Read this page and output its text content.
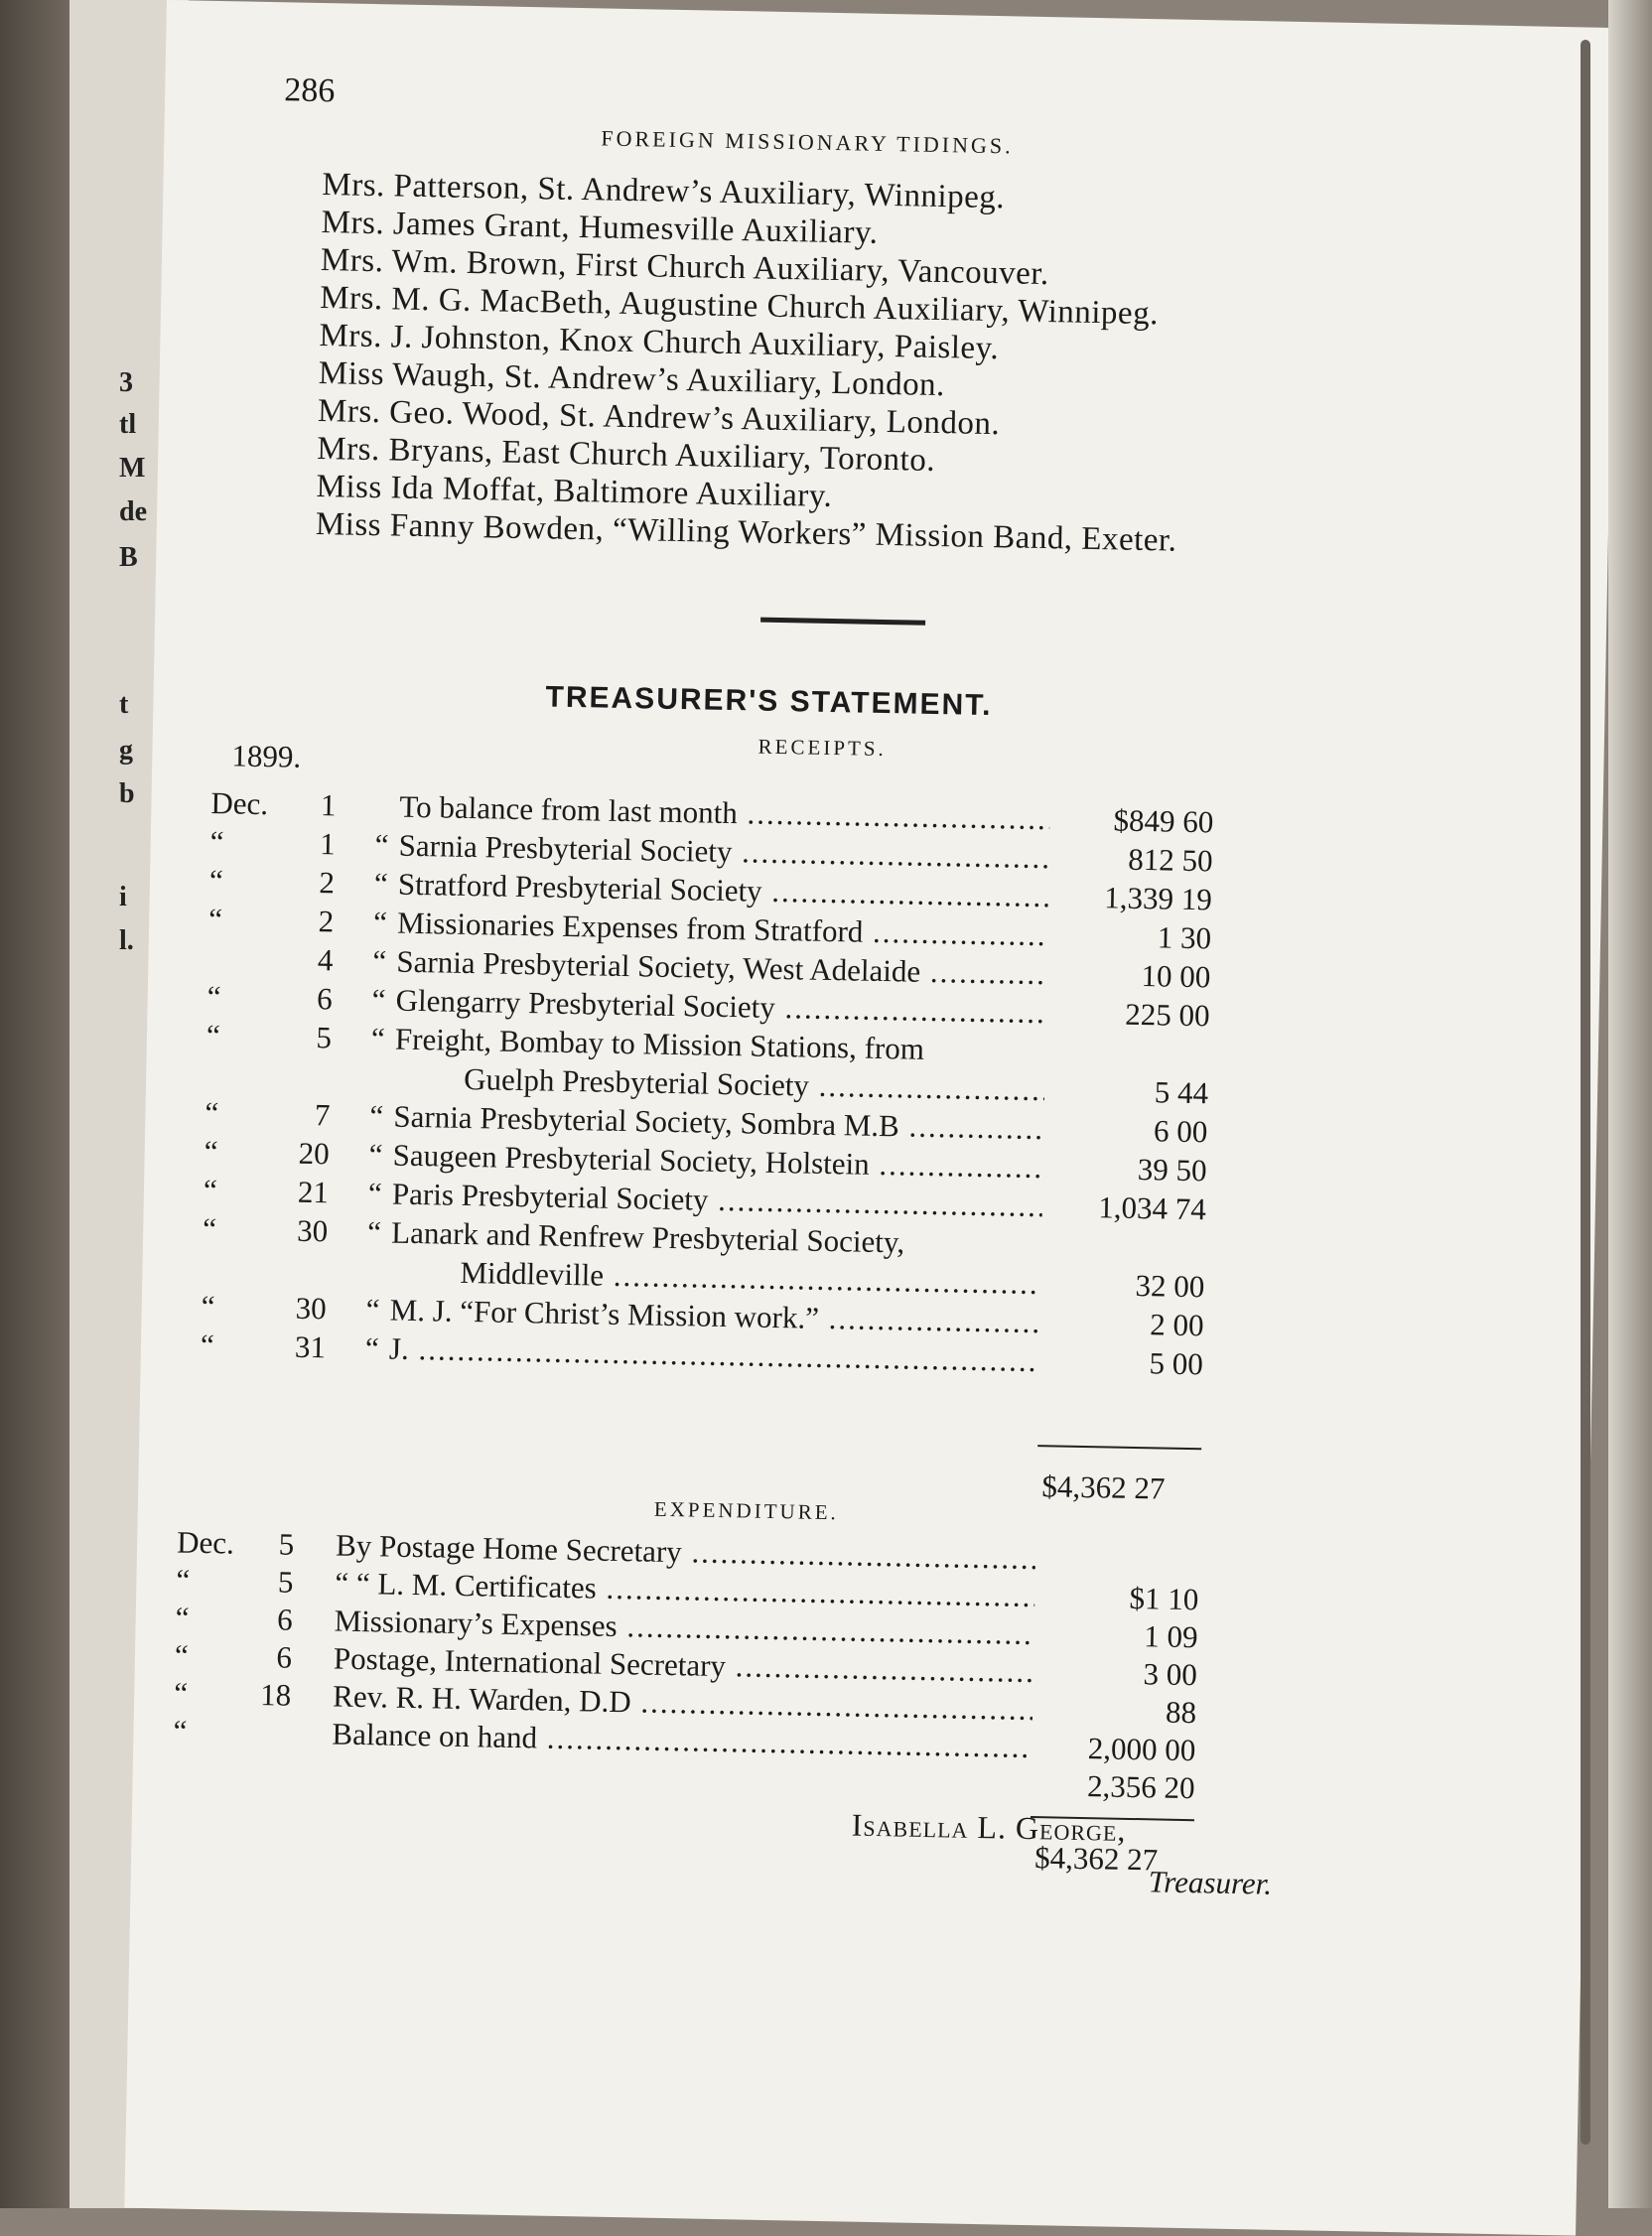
3
tl
M
de
B
t
g
b
i
l.
286
FOREIGN MISSIONARY TIDINGS.
Mrs. Patterson, St. Andrew’s Auxiliary, Winnipeg.
Mrs. James Grant, Humesville Auxiliary.
Mrs. Wm. Brown, First Church Auxiliary, Vancouver.
Mrs. M. G. MacBeth, Augustine Church Auxiliary, Winnipeg.
Mrs. J. Johnston, Knox Church Auxiliary, Paisley.
Miss Waugh, St. Andrew’s Auxiliary, London.
Mrs. Geo. Wood, St. Andrew’s Auxiliary, London.
Mrs. Bryans, East Church Auxiliary, Toronto.
Miss Ida Moffat, Baltimore Auxiliary.
Miss Fanny Bowden, “Willing Workers” Mission Band, Exeter.
TREASURER'S STATEMENT.
RECEIPTS.
1899.
Dec.	1 To balance from last month .....	$849 60
“	1 “ Sarnia Presbyterial Society .....	812 50
“	2 “ Stratford Presbyterial Society .....	1,339 19
“	2 “ Missionaries Expenses from Stratford .....	1 30
4 “ Sarnia Presbyterial Society, West Adelaide .....	10 00
“	6 “ Glengarry Presbyterial Society .....	225 00
“	5 “ Freight, Bombay to Mission Stations, from
Guelph Presbyterial Society .....	5 44
“	7 “ Sarnia Presbyterial Society, Sombra M.B .....	6 00
“	20 “ Saugeen Presbyterial Society, Holstein .....	39 50
“	21 “ Paris Presbyterial Society .....	1,034 74
“	30 “ Lanark and Renfrew Presbyterial Society,
Middleville .....	32 00
“	30 “ M. J. “For Christ’s Mission work.” .....	2 00
“	31 “ J. .....	5 00
$4,362 27
EXPENDITURE.
Dec.	5 By Postage Home Secretary .....
“	5 “ “ L. M. Certificates .....	$1 10
“	6 Missionary’s Expenses .....	1 09
“	6 Postage, International Secretary .....	3 00
“ 18 Rev. R. H. Warden, D.D .....	88
“	Balance on hand .....	2,000 00
2,356 20
$4,362 27
Isabella L. George,
Treasurer.
